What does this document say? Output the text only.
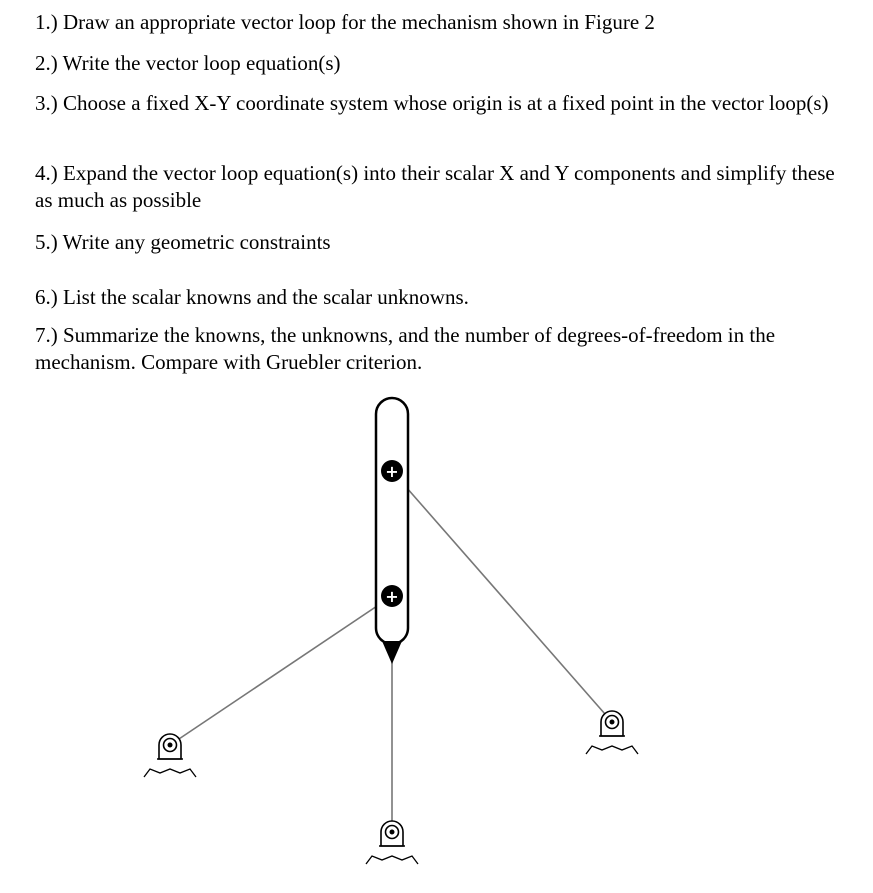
1.) Draw an appropriate vector loop for the mechanism shown in Figure 2

2.) Write the vector loop equation(s)

3.) Choose a fixed X-Y coordinate system whose origin is at a fixed point in the vector loop(s)

4.) Expand the vector loop equation(s) into their scalar X and Y components and simplify these as much as possible

5.) Write any geometric constraints

6.) List the scalar knowns and the scalar unknowns.

7.) Summarize the knowns, the unknowns, and the number of degrees-of-freedom in the mechanism. Compare with Gruebler criterion.

+
+
